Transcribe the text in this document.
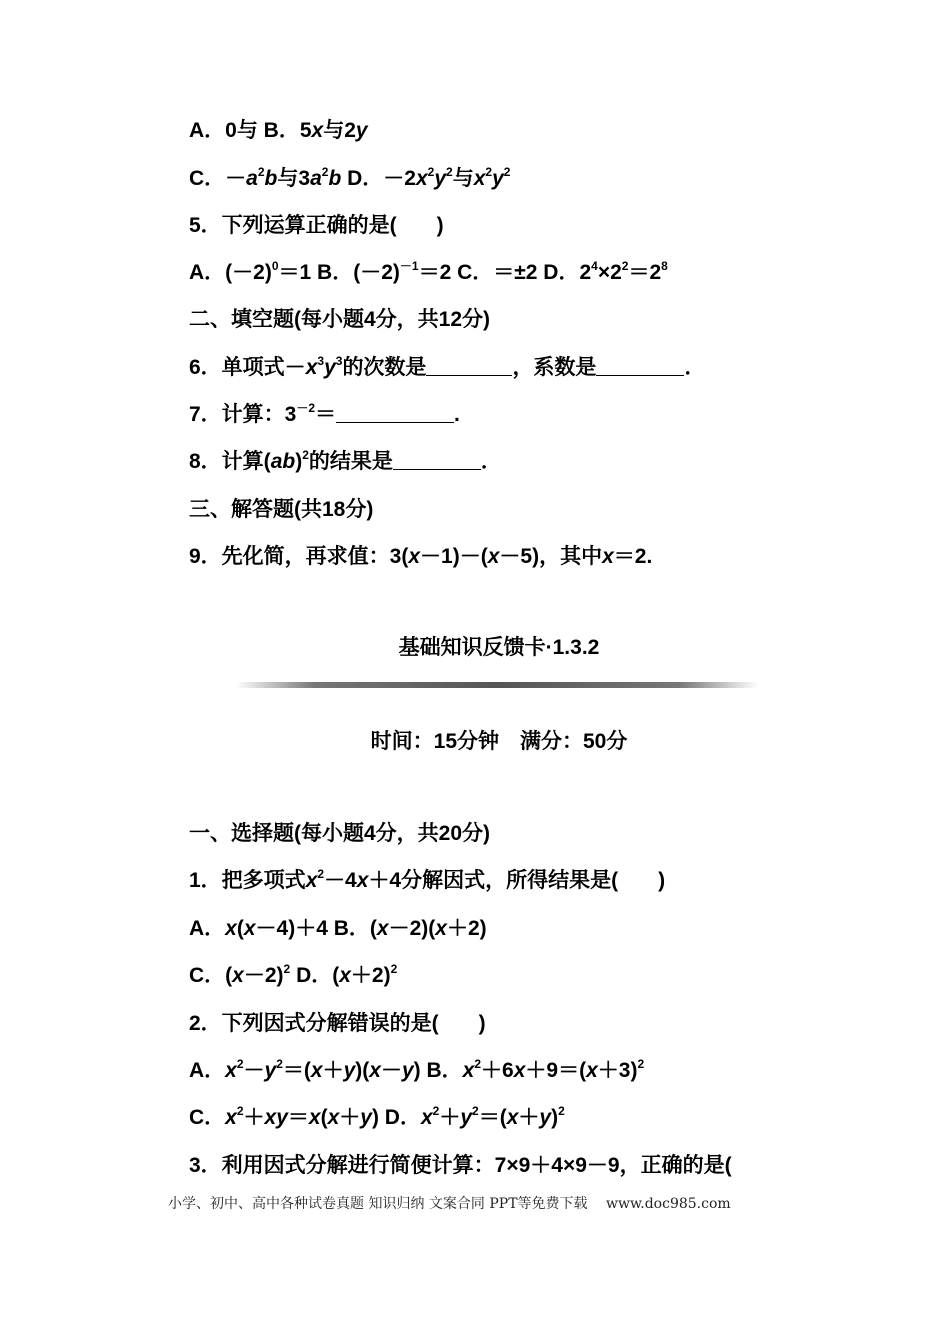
A．0与 B．5x与2y
C．$-a^2b$与$3a^2b$ D．$-2x^2y^2$与$x^2y^2$
5．下列运算正确的是( )
A．$(-2)^0=1$ B．$(-2)^{-1}=2$ C．＝±2 D．$2^4\times 2^2=2^8$
二、填空题(每小题4分，共12分)
6．单项式$-x^3y^3$的次数是	，系数是	．
7．计算：$3^{-2}=$	.
8．计算(ab)$^2$的结果是	．
三、解答题(共18分)
9．先化简，再求值：3(x－1)－(x－5)，其中x＝2.
基础知识反馈卡·1.3.2
时间：15分钟　满分：50分
一、选择题(每小题4分，共20分)
1．把多项式$x^2-4x+4$分解因式，所得结果是( )
A．x(x－4)＋4 B．(x－2)(x＋2)
C．$(x-2)^2$ D．$(x+2)^2$
2．下列因式分解错误的是( )
A．$x^2-y^2=(x+y)(x-y)$ B．$x^2+6x+9=(x+3)^2$
C．$x^2+xy=x(x+y)$ D．$x^2+y^2=(x+y)^2$
3．利用因式分解进行简便计算：7×9＋4×9－9，正确的是(
小学、初中、高中各种试卷真题 知识归纳 文案合同 PPT等免费下载　 www.doc985.com
